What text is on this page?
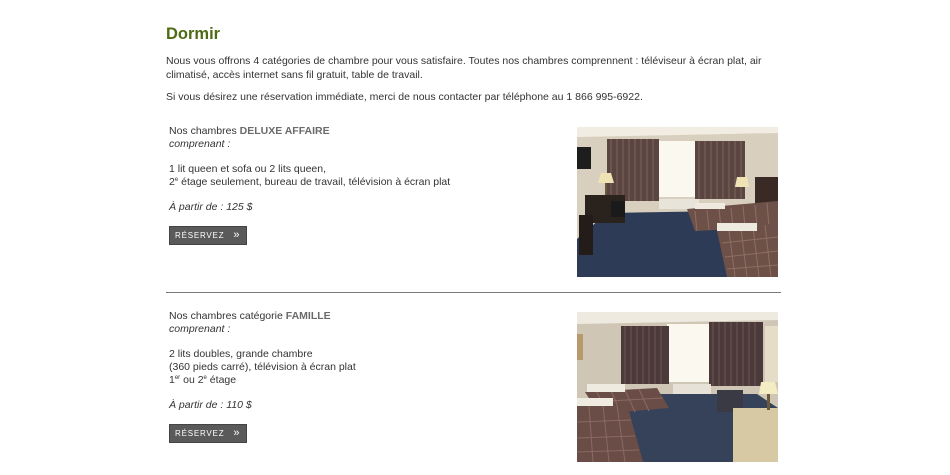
Dormir

Nous vous offrons 4 catégories de chambre pour vous satisfaire. Toutes nos chambres comprennent : téléviseur à écran plat, air climatisé, accès internet sans fil gratuit, table de travail.

Si vous désirez une réservation immédiate, merci de nous contacter par téléphone au 1 866 995-6922.

Nos chambres DELUXE AFFAIRE
comprenant :
1 lit queen et sofa ou 2 lits queen,
2e étage seulement, bureau de travail, télévision à écran plat
À partir de : 125 $
RÉSERVEZ »
Nos chambres catégorie FAMILLE
comprenant :
2 lits doubles, grande chambre
(360 pieds carré), télévision à écran plat
1er ou 2e étage
À partir de : 110 $
RÉSERVEZ »
